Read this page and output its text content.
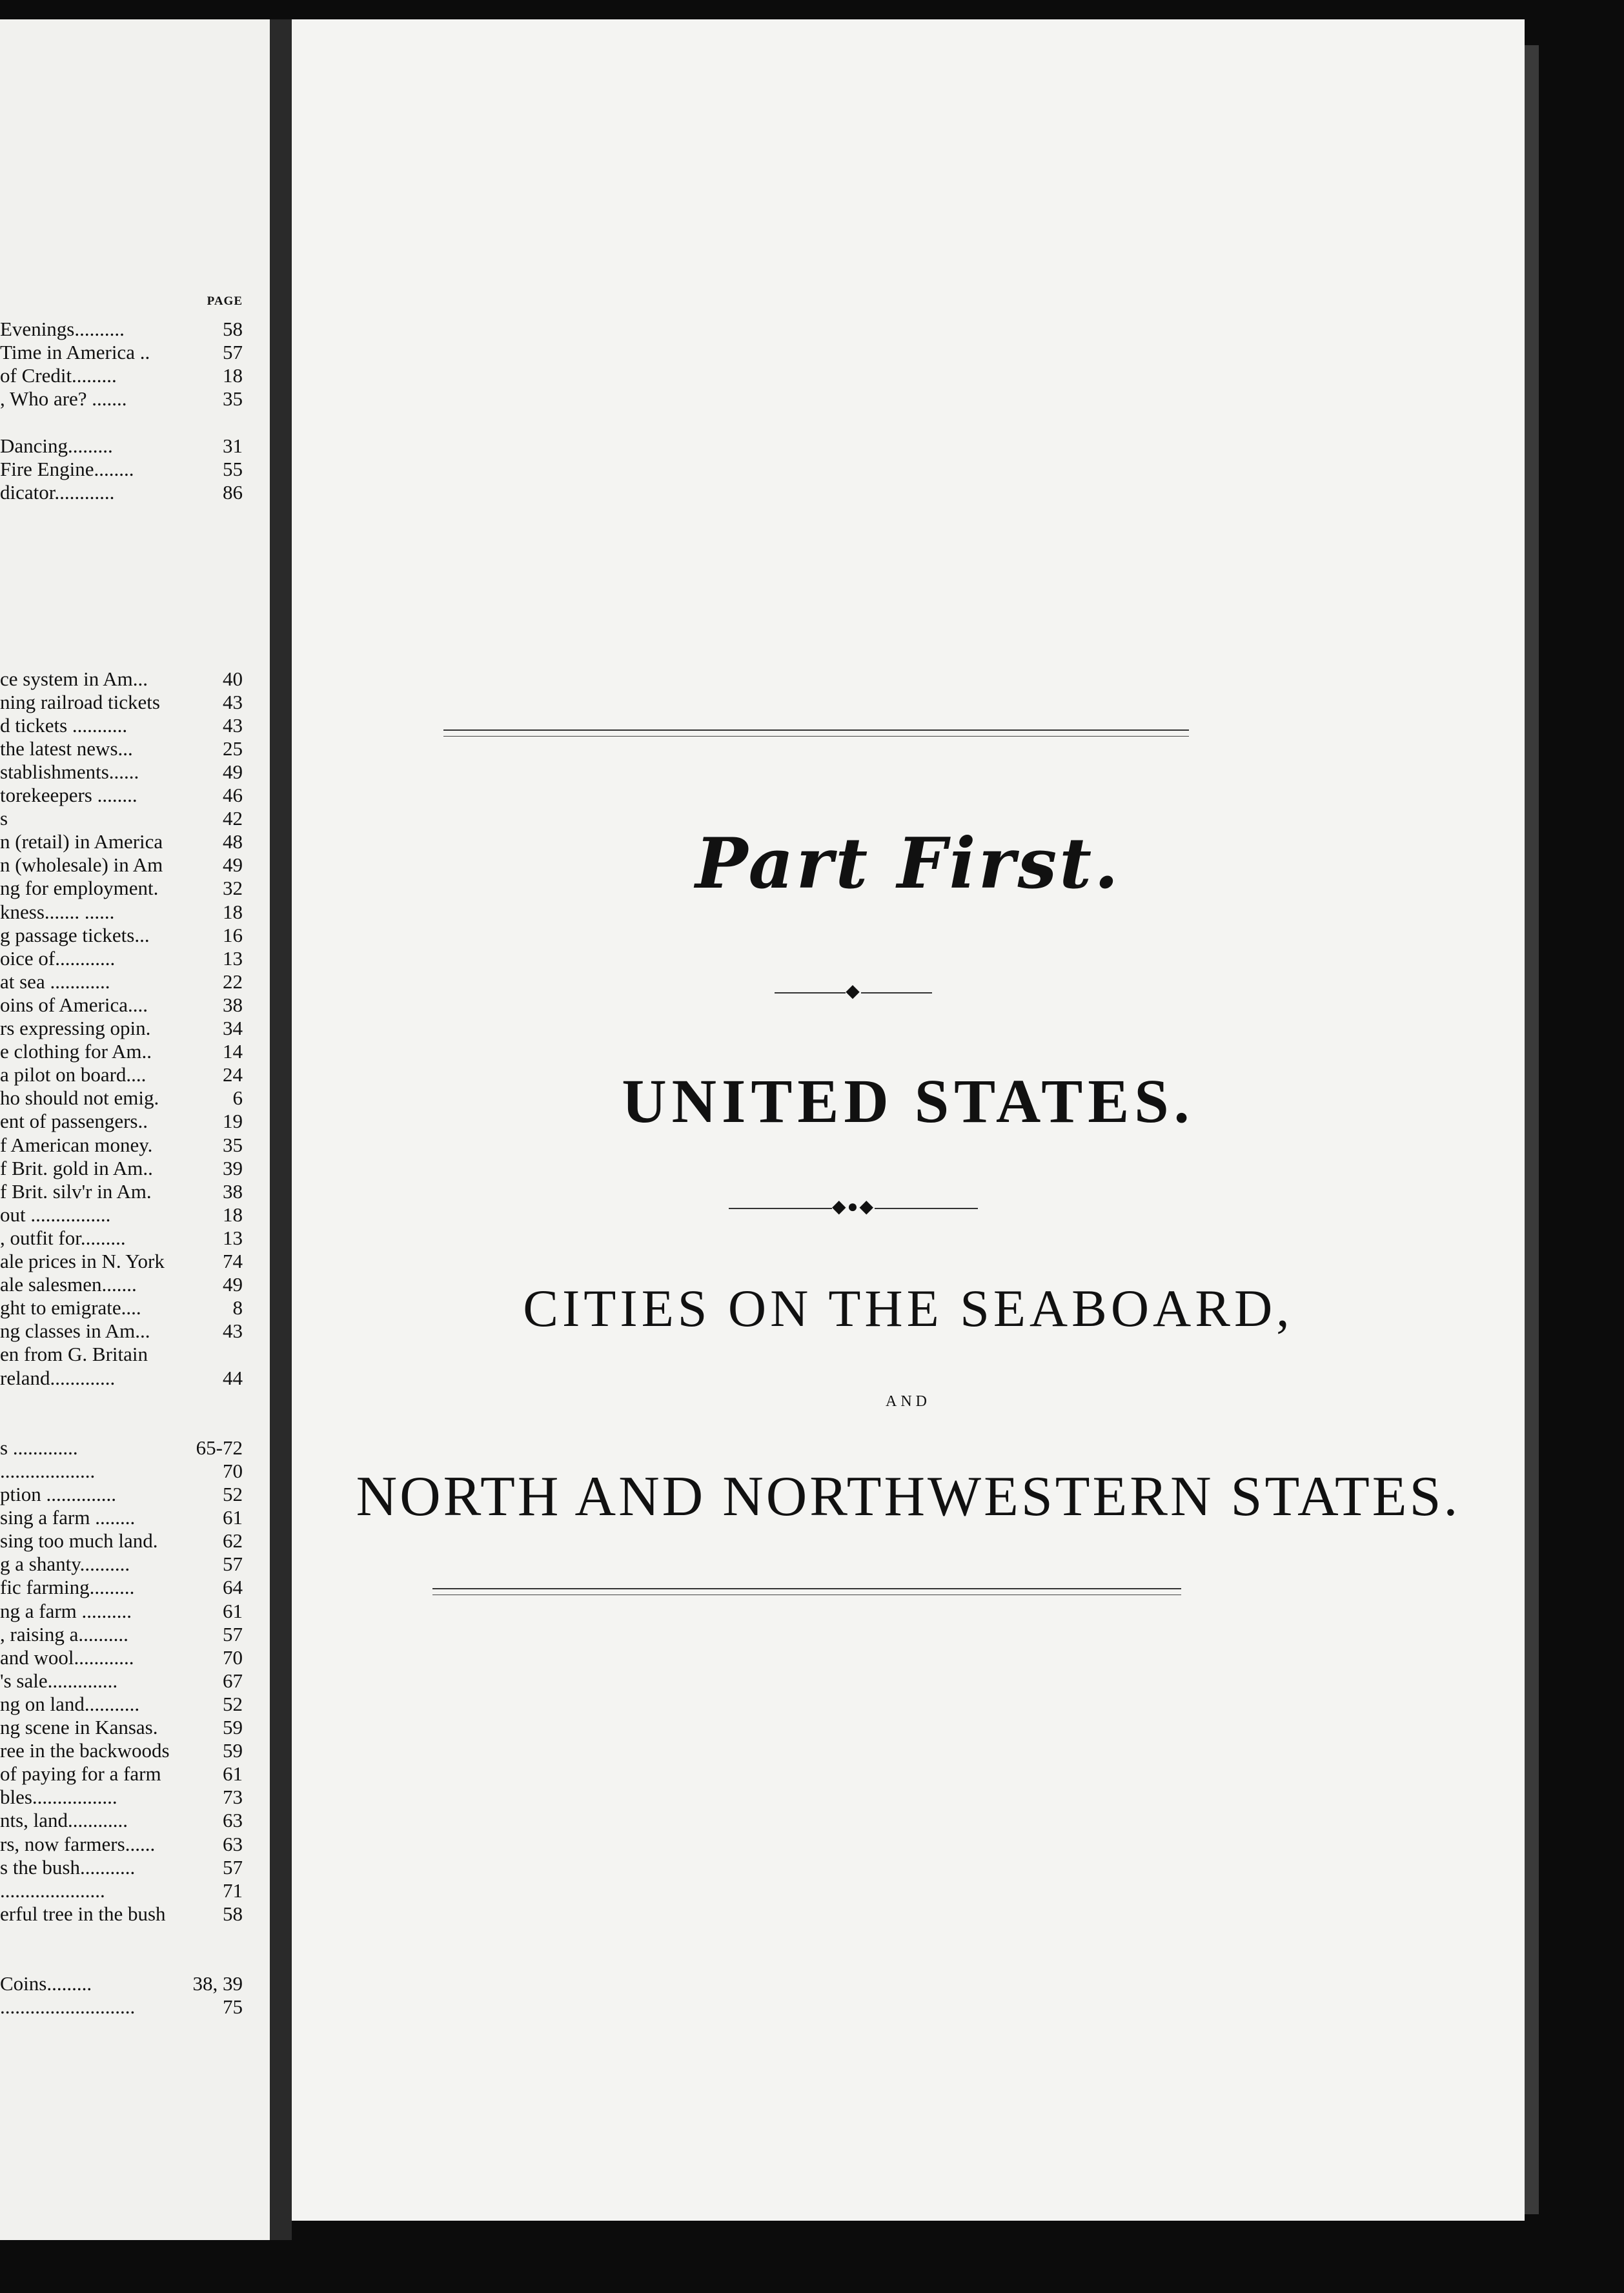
PAGE
Evenings..........	58
Time in America ..	57
of Credit.........	18
, Who are? .......	35
Dancing.........	31
Fire Engine........	55
dicator............	86
ce system in Am...	40
ning railroad tickets	43
d tickets ...........	43
the latest news...	25
stablishments......	49
torekeepers ........	46
s	42
n (retail) in America	48
n (wholesale) in Am	49
ng for employment.	32
kness....... ......	18
g passage tickets...	16
oice of............	13
at sea ............	22
oins of America....	38
rs expressing opin.	34
e clothing for Am..	14
a pilot on board....	24
ho should not emig.	6
ent of passengers..	19
f American money.	35
f Brit. gold in Am..	39
f Brit. silv'r in Am.	38
out ................	18
, outfit for.........	13
ale prices in N. York	74
ale salesmen.......	49
ght to emigrate....	8
ng classes in Am...	43
en from G. Britain
reland.............	44
s .............	65-72
...................	70
ption ..............	52
sing a farm ........	61
sing too much land.	62
g a shanty..........	57
fic farming.........	64
ng a farm ..........	61
, raising a..........	57
and wool............	70
's sale..............	67
ng on land...........	52
ng scene in Kansas.	59
ree in the backwoods	59
of paying for a farm	61
bles.................	73
nts, land............	63
rs, now farmers......	63
s the bush...........	57
.....................	71
erful tree in the bush	58
Coins.........	38, 39
...........................	75
Part First.
◆
UNITED STATES.
◆●◆
CITIES ON THE SEABOARD,
AND
NORTH AND NORTHWESTERN STATES.
